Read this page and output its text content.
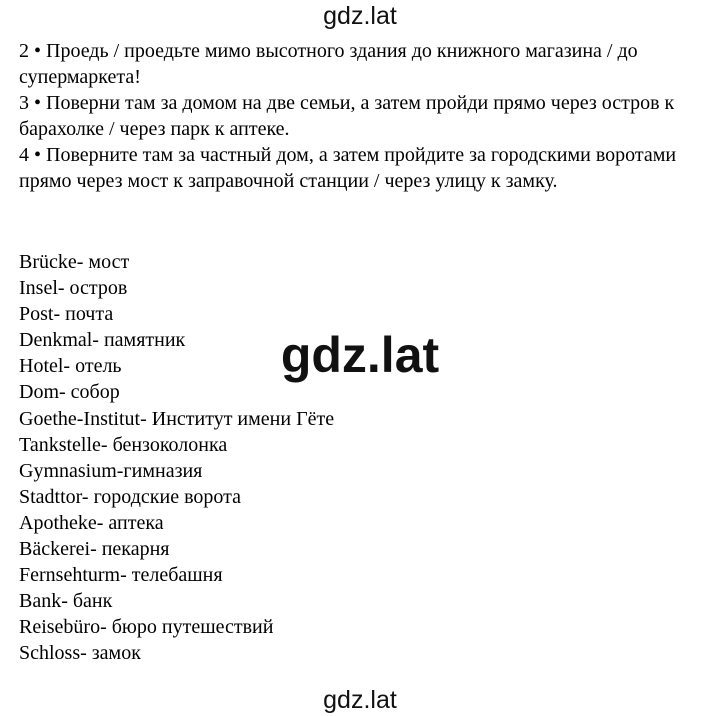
gdz.lat

2 • Проедь / проедьте мимо высотного здания до книжного магазина / до супермаркета!

3 • Поверни там за домом на две семьи, а затем пройди прямо через остров к барахолке / через парк к аптеке.

4 • Поверните там за частный дом, а затем пройдите за городскими воротами прямо через мост к заправочной станции / через улицу к замку.

Brücke- мост
Insel- остров
Post- почта
Denkmal- памятник
Hotel- отель
Dom- собор
Goethe-Institut- Институт имени Гёте
Tankstelle- бензоколонка
Gymnasium-гимназия
Stadttor- городские ворота
Apotheke- аптека
Bäckerei- пекарня
Fernsehturm- телебашня
Bank- банк
Reisebüro- бюро путешествий
Schloss- замок
gdz.lat
gdz.lat
